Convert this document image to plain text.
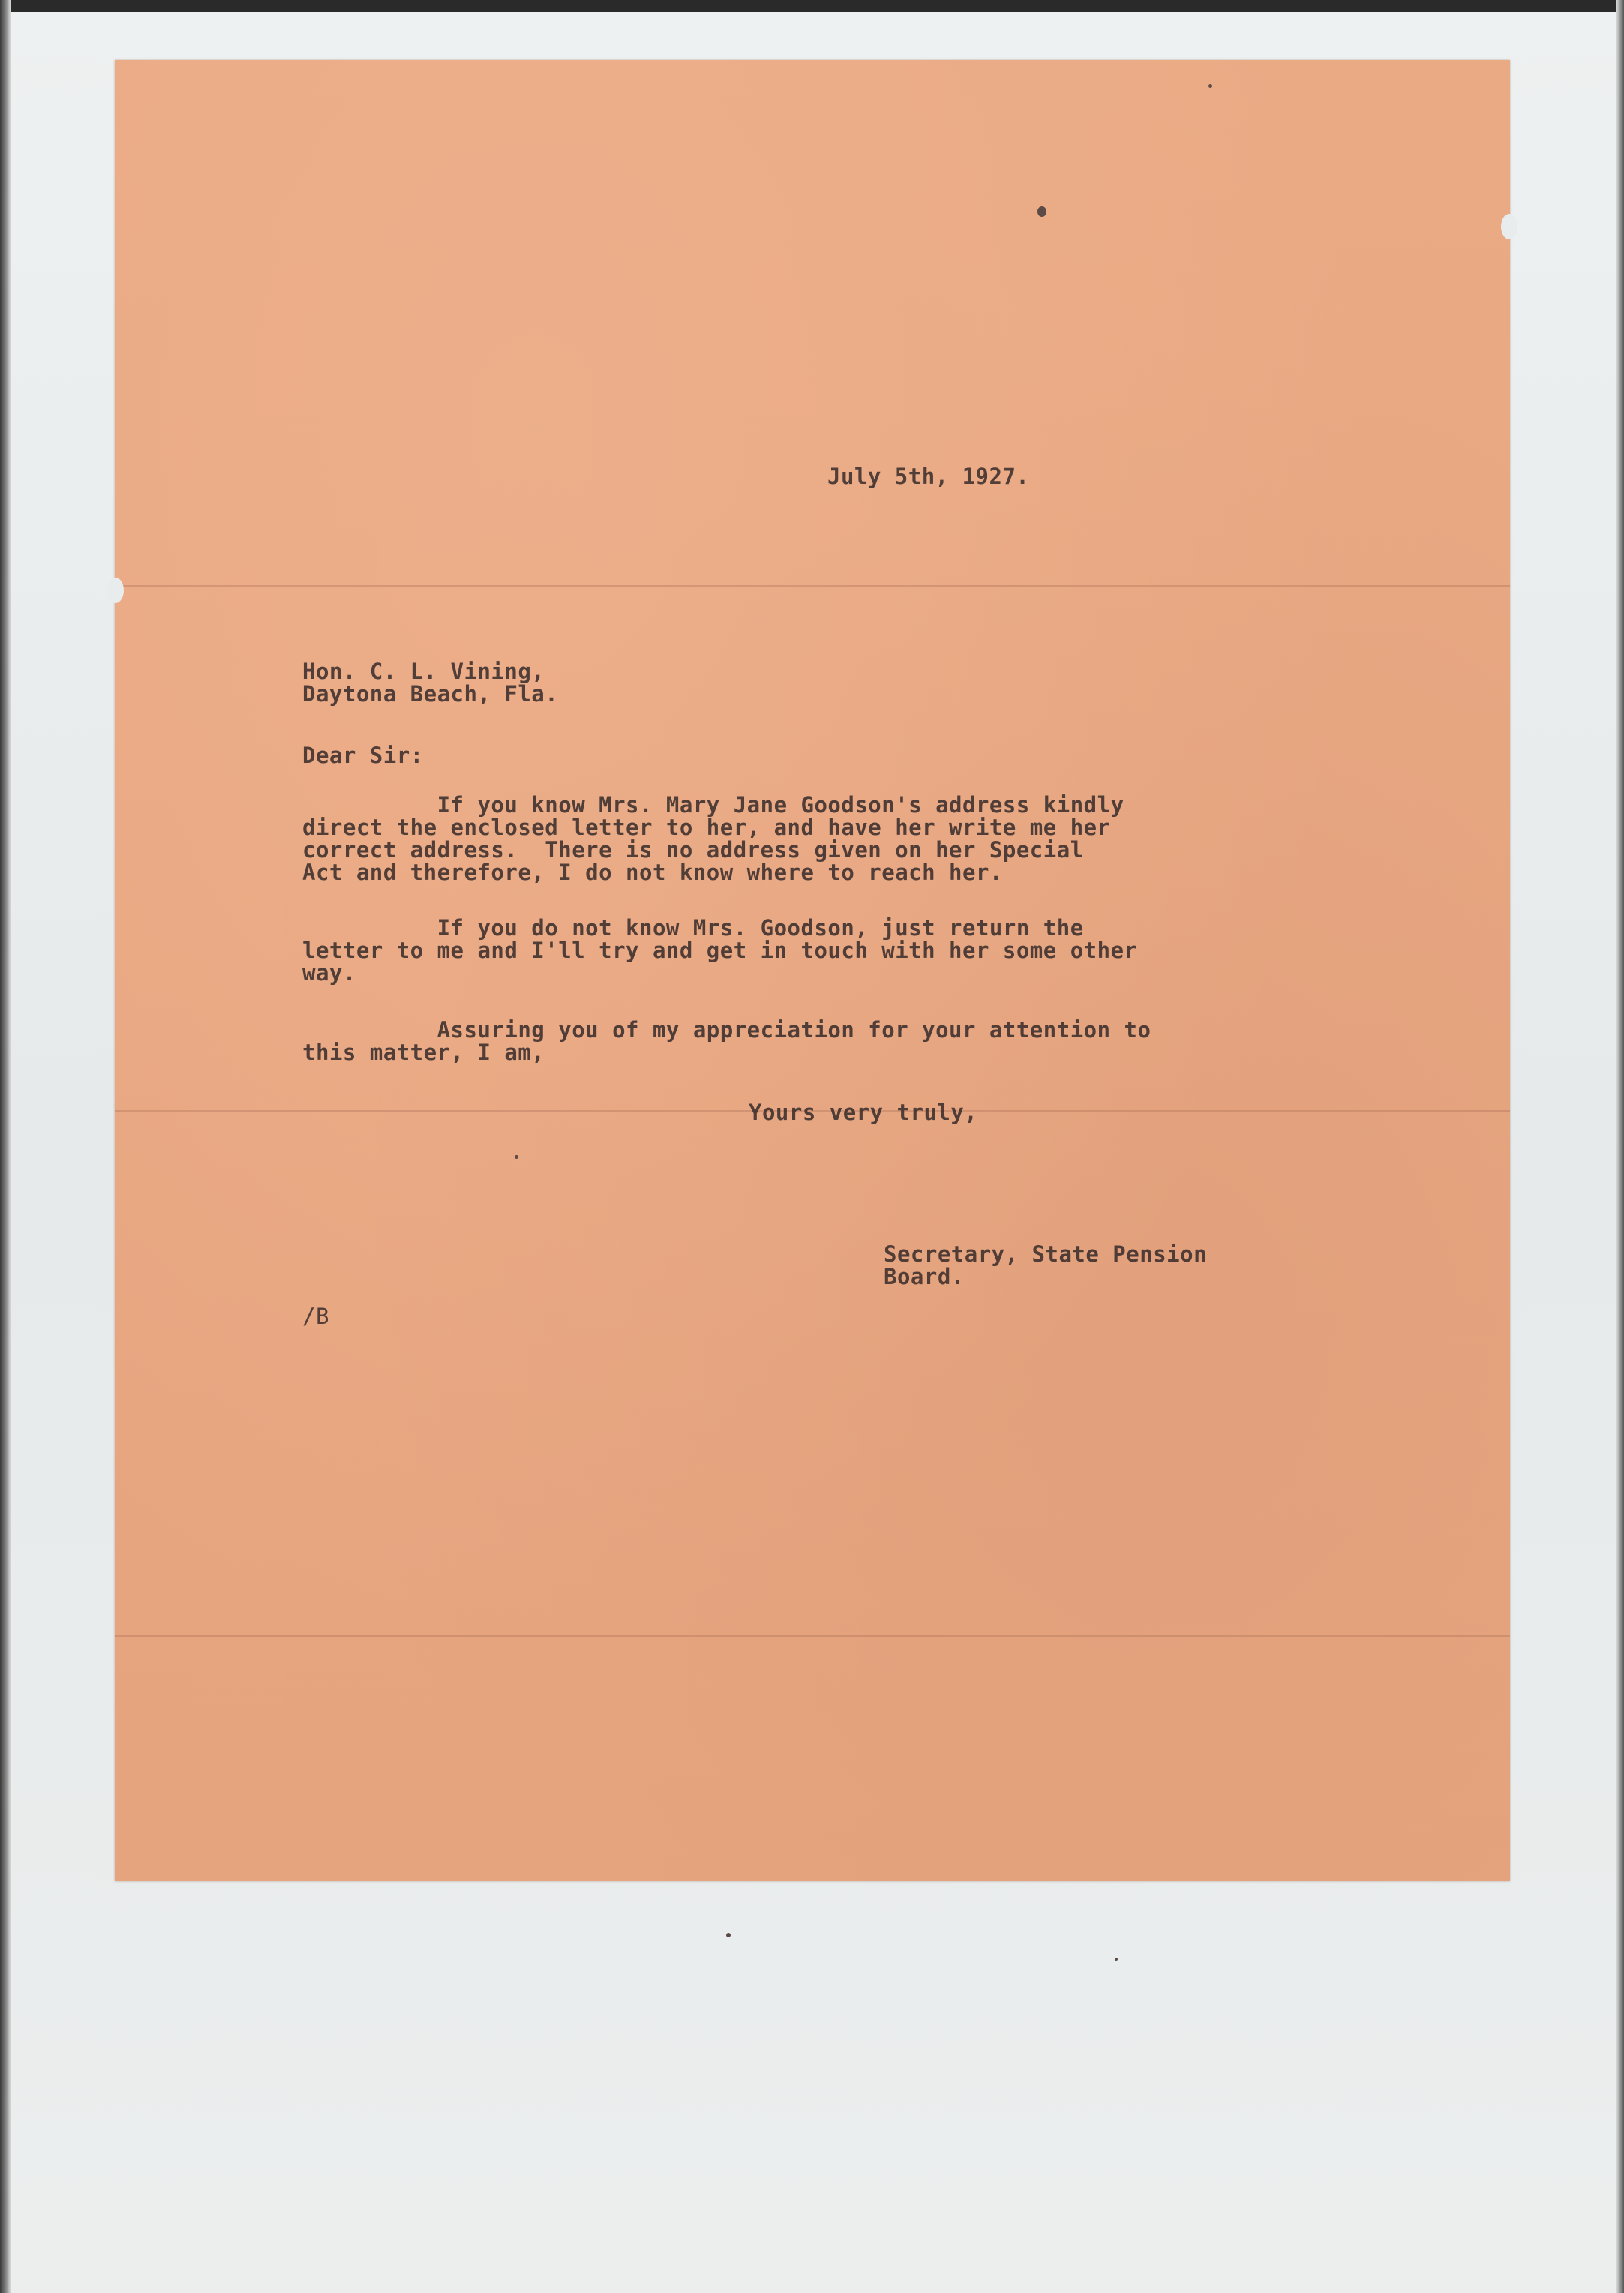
July 5th, 1927.
Hon. C. L. Vining,
Daytona Beach, Fla.
Dear Sir:
If you know Mrs. Mary Jane Goodson's address kindly
direct the enclosed letter to her, and have her write me her
correct address.  There is no address given on her Special
Act and therefore, I do not know where to reach her.
If you do not know Mrs. Goodson, just return the
letter to me and I'll try and get in touch with her some other
way.
Assuring you of my appreciation for your attention to
this matter, I am,
Yours very truly,
Secretary, State Pension
Board.
/B
